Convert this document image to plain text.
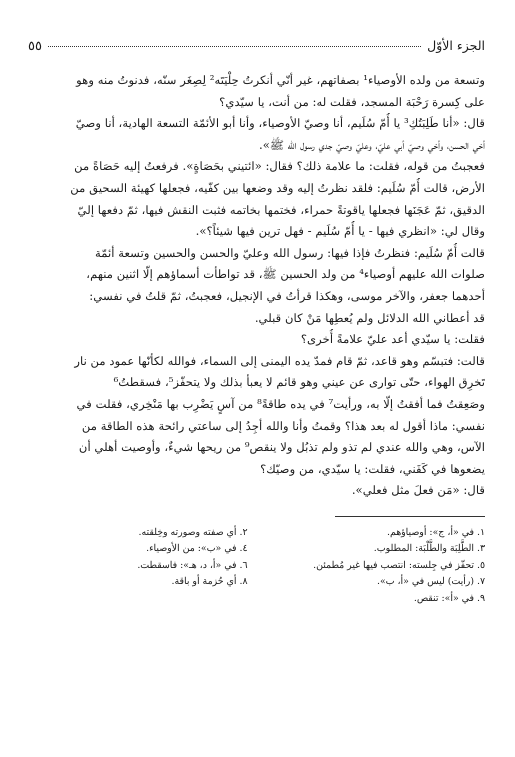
الجزء الأوّل
٥٥
وتسعة من ولده الأوصياء¹ بصفاتهم، غير أنّي أنكرتُ حِلْيَتَه² لِصِغَر سنّه، فدنوتُ منه وهو
على كِسرة رَحْبَة المسجد، فقلت له: من أنت، يا سيّدي؟
قال: «أنا طَلِبَتُكِ³ يا أُمّ سُلَيم، أنا وصيّ الأوصياء، وأنا أبو الأئمّة التسعة الهادية، أنا وصيّ
أخي الحسن، وأخي وصيّ أبي عليّ، وعليّ وصيّ جدي رسول الله ﷺ».
فعجبتُ من قوله، فقلت: ما علامة ذلك؟ فقال: «ائتيني بحَصَاةٍ». فرفعتُ إليه حَصَاةً من
الأرض، قالت أُمّ سُلَيم: فلقد نظرتُ إليه وقد وضعها بين كفّيه، فجعلها كهيئة السحيق من
الدقيق، ثمّ عَجَنَها فجعلها ياقوتةً حمراء، فختمها بخاتمه فثبت النقش فيها، ثمّ دفعها إليّ
وقال لي: «انظري فيها - يا أُمّ سُلَيم - فهل ترين فيها شيئاً؟».
قالت أُمّ سُلَيم: فنظرتُ فإذا فيها: رسول الله وعليّ والحسن والحسين وتسعة أئمّة
صلوات الله عليهم أوصياء⁴ من ولد الحسين ﷺ، قد تواطأت أسماؤهم إلّا اثنين منهم،
أحدهما جعفر، والآخر موسى، وهكذا قرأتُ في الإنجيل، فعجبتُ، ثمّ قلتُ في نفسي:
قد أعطاني الله الدلائل ولم يُعطِها مَنْ كان قبلي.
فقلت: يا سيّدي أعد عليّ علامةً أُخرى؟
قالت: فتبسّم وهو قاعد، ثمّ قام فمدّ يده اليمنى إلى السماء، فوالله لكأنّها عمود من نار
تَخرِق الهواء، حتّى توارى عن عيني وهو قائم لا يعبأ بذلك ولا يتحفّز⁵، فسقطتُ⁶
وصَعِقتُ فما أفقتُ إلّا به، ورأيت⁷ في يده طاقةً⁸ من آسٍ يَضْرِب بها مَنْخِري، فقلت في
نفسي: ماذا أقول له بعد هذا؟ وقمتُ وأنا والله أجِدُ إلى ساعتي رائحة هذه الطاقة من
الآس، وهي والله عندي لم تذو ولم تذبُل ولا ينقص⁹ من ريحها شيءٌ، وأوصيت أهلي أن
يضعوها في كَفَني، فقلت: يا سيّدي، من وصيّك؟
قال: «مَن فعلَ مثل فعلي».
١. في «أ، ج»: أوصياؤهم.
٣. الطَّلِبَة والطَّلْبَة: المطلوب.
٥. تحفّز في جِلسته: انتصب فيها غير مُطمئن.
٧. (رأيت) ليس في «أ، ب».
٩. في «أ»: تنقص.
٢. أي صفته وصورته وخِلقته.
٤. في «ب»: من الأوصياء.
٦. في «أ، د، هـ»: فاسقطت.
٨. أي حُزمة أو باقة.
